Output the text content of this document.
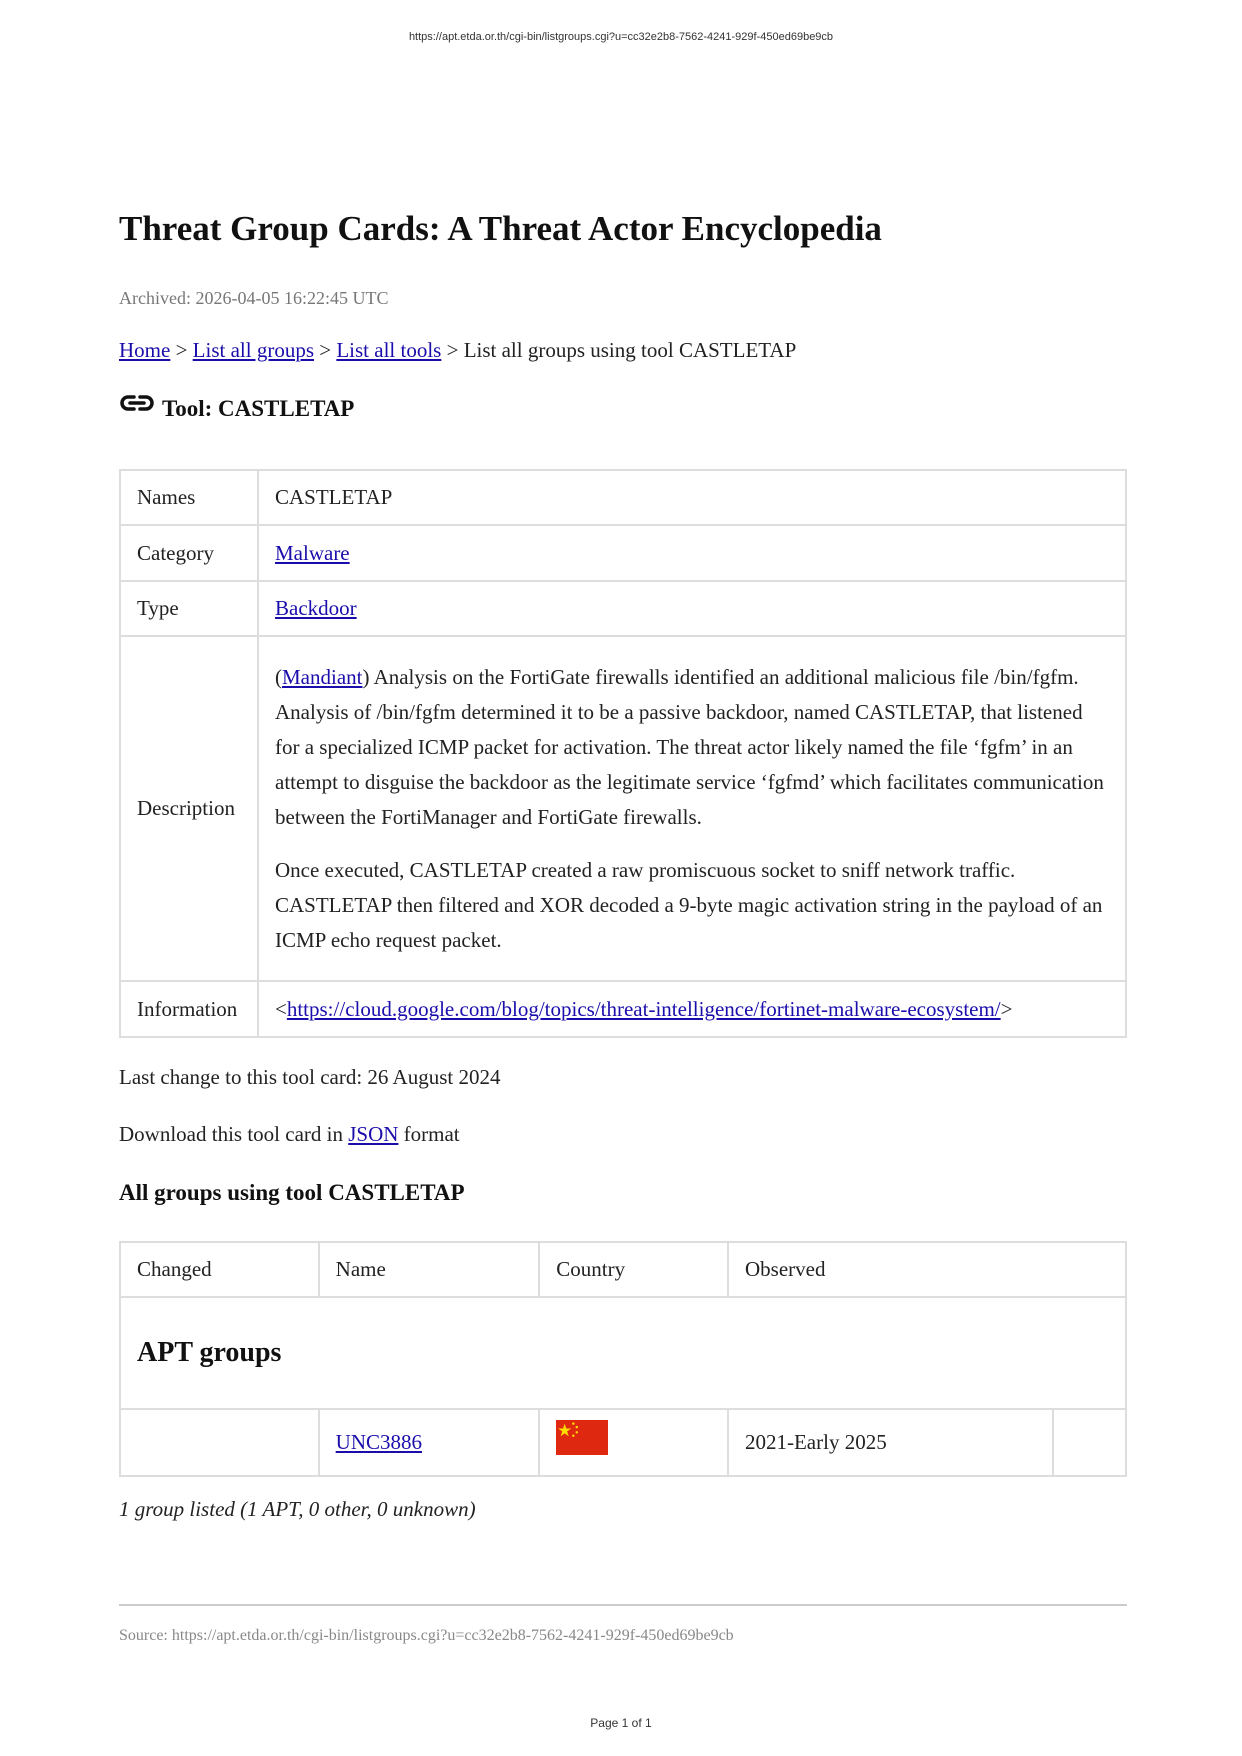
https://apt.etda.or.th/cgi-bin/listgroups.cgi?u=cc32e2b8-7562-4241-929f-450ed69be9cb
Threat Group Cards: A Threat Actor Encyclopedia
Archived: 2026-04-05 16:22:45 UTC
Home > List all groups > List all tools > List all groups using tool CASTLETAP
Tool: CASTLETAP
Names	CASTLETAP
Category	Malware
Type	Backdoor
Description	(Mandiant) Analysis on the FortiGate firewalls identified an additional malicious file /bin/fgfm. Analysis of /bin/fgfm determined it to be a passive backdoor, named CASTLETAP, that listened for a specialized ICMP packet for activation. The threat actor likely named the file ‘fgfm’ in an attempt to disguise the backdoor as the legitimate service ‘fgfmd’ which facilitates communication between the FortiManager and FortiGate firewalls.

Once executed, CASTLETAP created a raw promiscuous socket to sniff network traffic. CASTLETAP then filtered and XOR decoded a 9-byte magic activation string in the payload of an ICMP echo request packet.

Information	<https://cloud.google.com/blog/topics/threat-intelligence/fortinet-malware-ecosystem/>
Last change to this tool card: 26 August 2024
Download this tool card in JSON format
All groups using tool CASTLETAP
Changed	Name	Country	Observed	
APT groups				
	UNC3886		2021-Early 2025	
1 group listed (1 APT, 0 other, 0 unknown)
Source: https://apt.etda.or.th/cgi-bin/listgroups.cgi?u=cc32e2b8-7562-4241-929f-450ed69be9cb
Page 1 of 1
